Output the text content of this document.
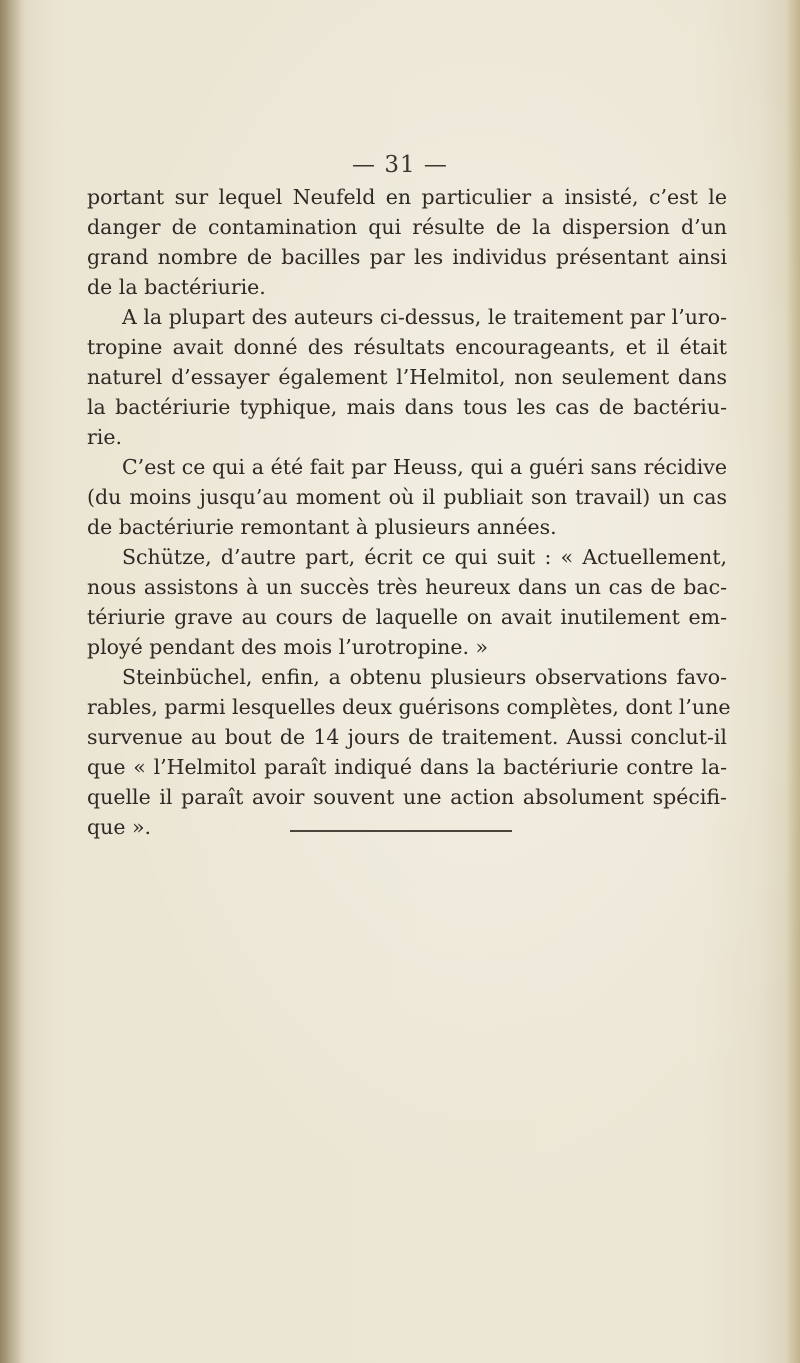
— 31 —
portant sur lequel Neufeld en particulier a insisté, c’est le
danger de contamination qui résulte de la dispersion d’un
grand nombre de bacilles par les individus présentant ainsi
de la bactériurie.
A la plupart des auteurs ci-dessus, le traitement par l’uro-
tropine avait donné des résultats encourageants, et il était
naturel d’essayer également l’Helmitol, non seulement dans
la bactériurie typhique, mais dans tous les cas de bactériu-
rie.
C’est ce qui a été fait par Heuss, qui a guéri sans récidive
(du moins jusqu’au moment où il publiait son travail) un cas
de bactériurie remontant à plusieurs années.
Schütze, d’autre part, écrit ce qui suit : « Actuellement,
nous assistons à un succès très heureux dans un cas de bac-
tériurie grave au cours de laquelle on avait inutilement em-
ployé pendant des mois l’urotropine. »
Steinbüchel, enfin, a obtenu plusieurs observations favo-
rables, parmi lesquelles deux guérisons complètes, dont l’une
survenue au bout de 14 jours de traitement. Aussi conclut-il
que « l’Helmitol paraît indiqué dans la bactériurie contre la-
quelle il paraît avoir souvent une action absolument spécifi-
que ».
